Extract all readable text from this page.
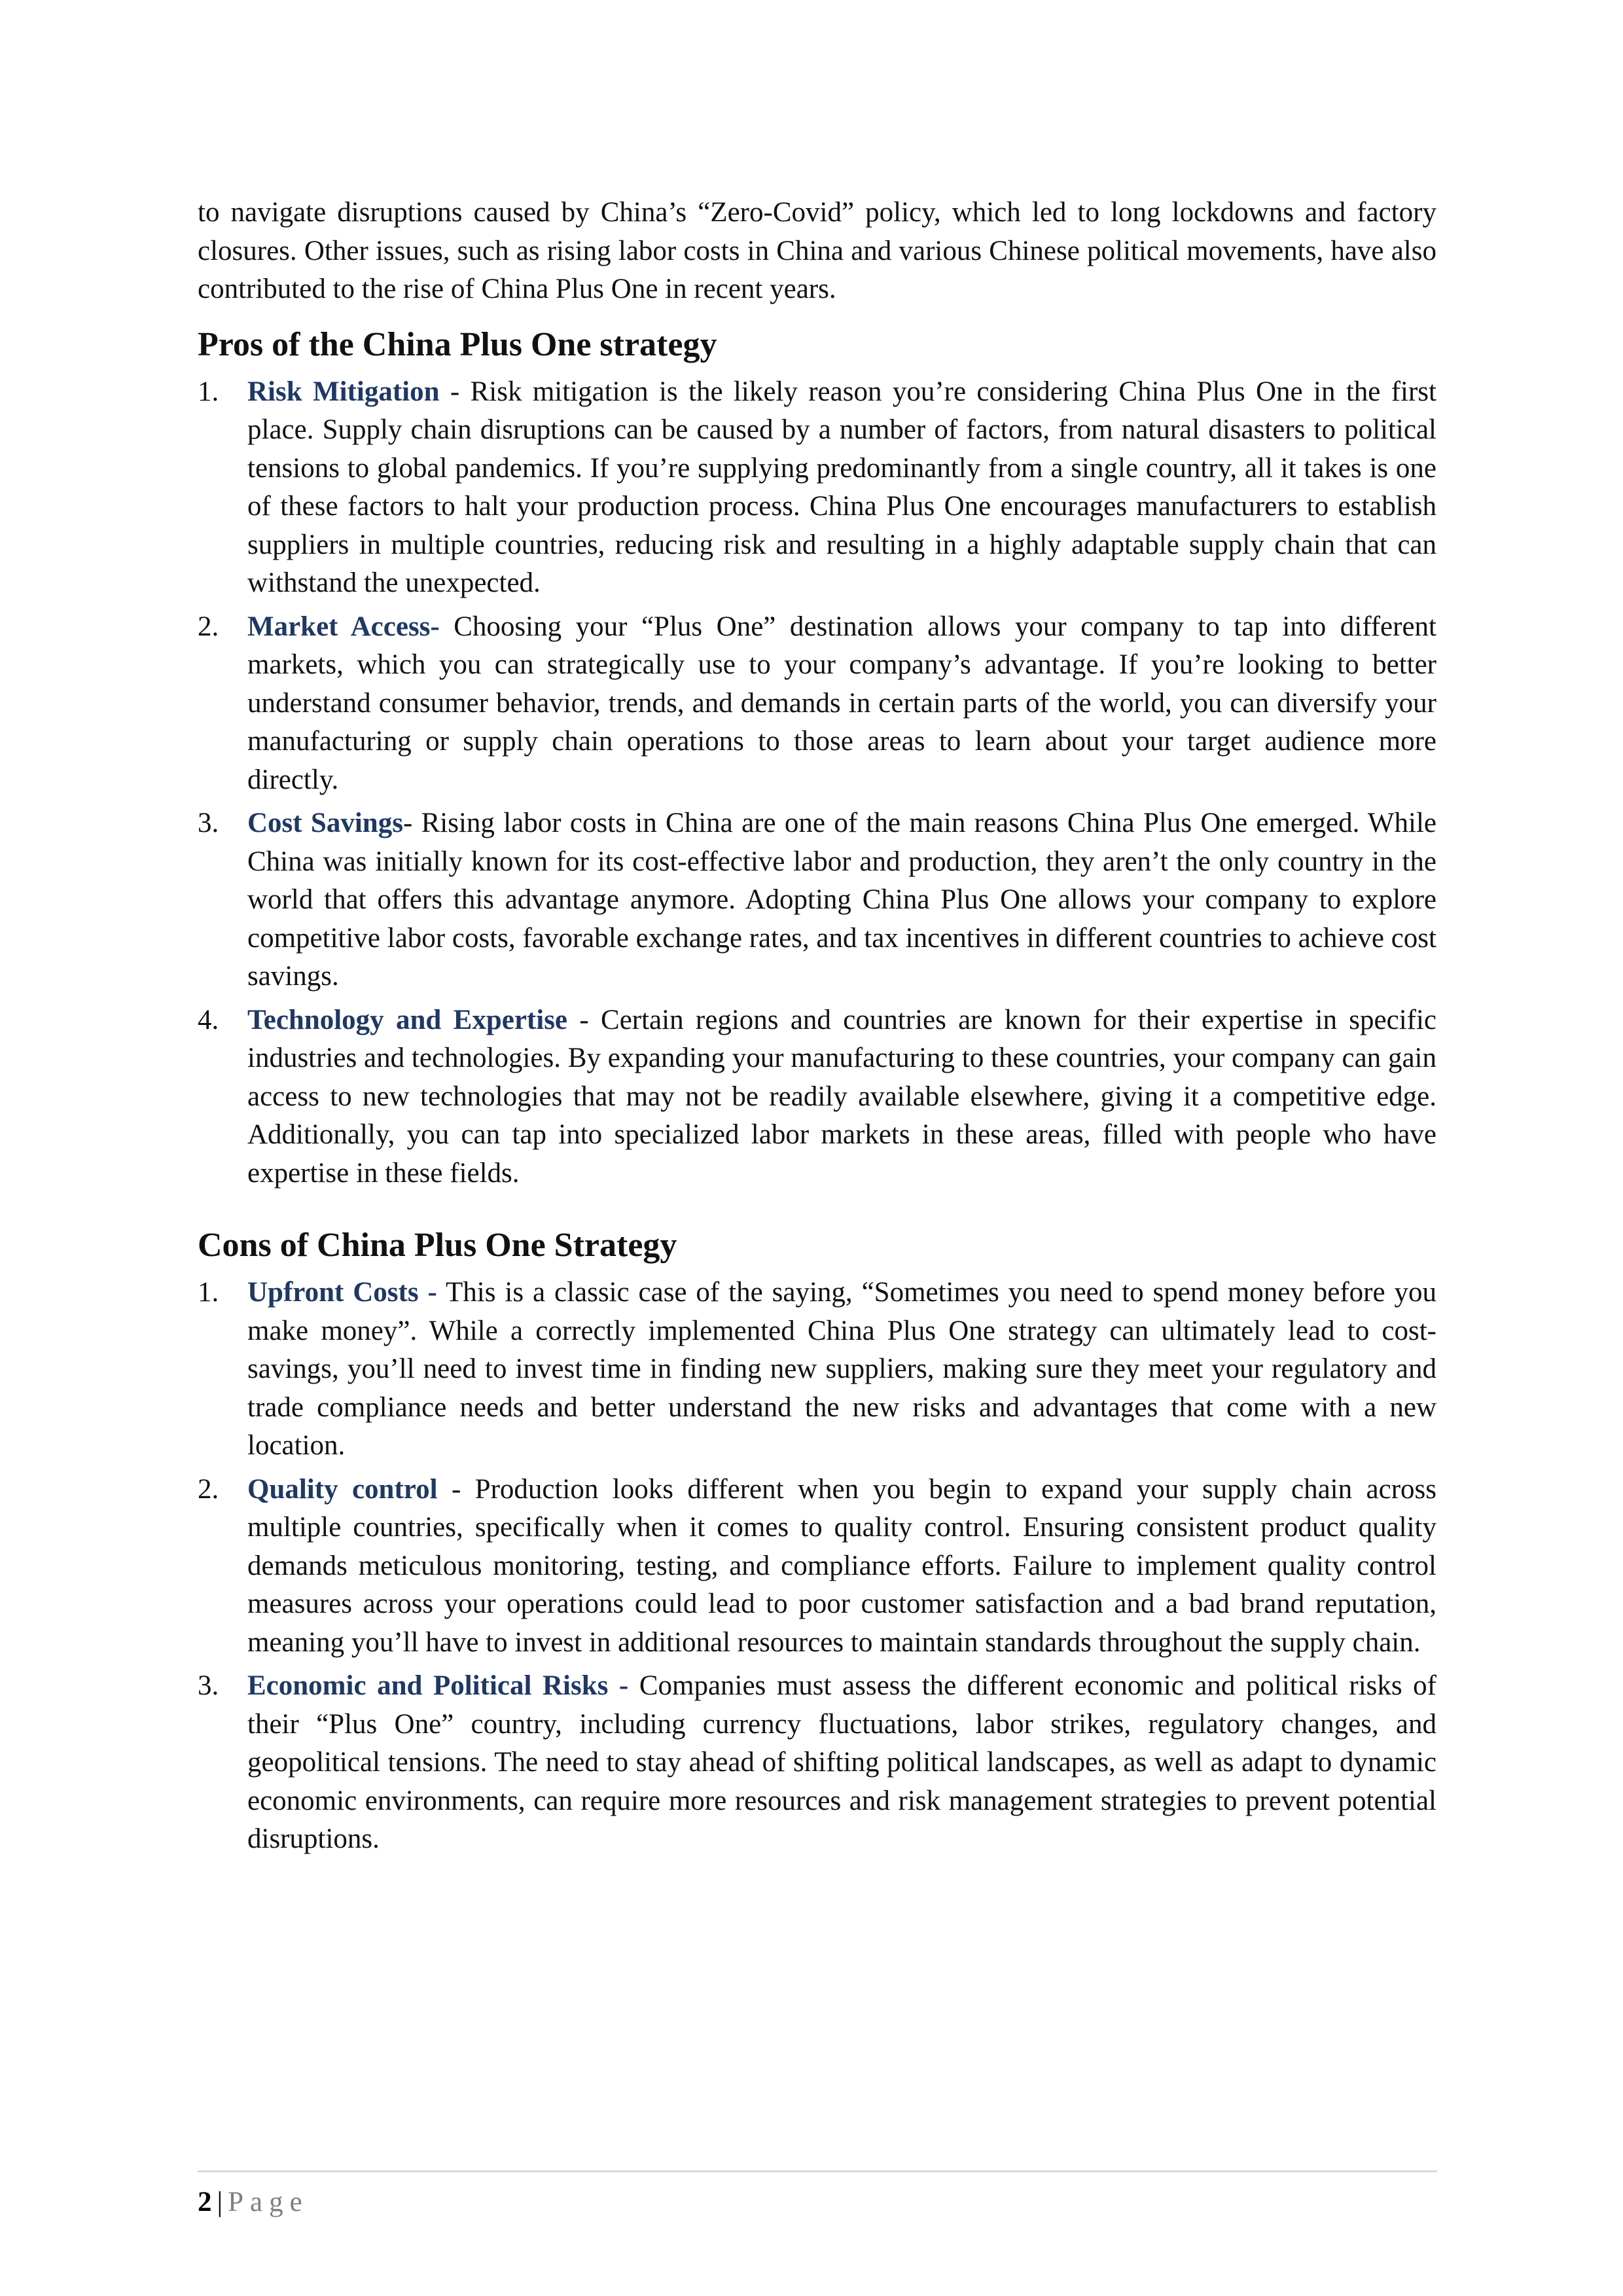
to navigate disruptions caused by China’s “Zero-Covid” policy, which led to long lockdowns and factory closures. Other issues, such as rising labor costs in China and various Chinese political movements, have also contributed to the rise of China Plus One in recent years.

Pros of the China Plus One strategy
1. Risk Mitigation - Risk mitigation is the likely reason you’re considering China Plus One in the first place. Supply chain disruptions can be caused by a number of factors, from natural disasters to political tensions to global pandemics. If you’re supplying predominantly from a single country, all it takes is one of these factors to halt your production process. China Plus One encourages manufacturers to establish suppliers in multiple countries, reducing risk and resulting in a highly adaptable supply chain that can withstand the unexpected.
2. Market Access- Choosing your “Plus One” destination allows your company to tap into different markets, which you can strategically use to your company’s advantage. If you’re looking to better understand consumer behavior, trends, and demands in certain parts of the world, you can diversify your manufacturing or supply chain operations to those areas to learn about your target audience more directly.
3. Cost Savings- Rising labor costs in China are one of the main reasons China Plus One emerged. While China was initially known for its cost-effective labor and production, they aren’t the only country in the world that offers this advantage anymore. Adopting China Plus One allows your company to explore competitive labor costs, favorable exchange rates, and tax incentives in different countries to achieve cost savings.
4. Technology and Expertise - Certain regions and countries are known for their expertise in specific industries and technologies. By expanding your manufacturing to these countries, your company can gain access to new technologies that may not be readily available elsewhere, giving it a competitive edge. Additionally, you can tap into specialized labor markets in these areas, filled with people who have expertise in these fields.
Cons of China Plus One Strategy
1. Upfront Costs - This is a classic case of the saying, “Sometimes you need to spend money before you make money”. While a correctly implemented China Plus One strategy can ultimately lead to cost-savings, you’ll need to invest time in finding new suppliers, making sure they meet your regulatory and trade compliance needs and better understand the new risks and advantages that come with a new location.
2. Quality control - Production looks different when you begin to expand your supply chain across multiple countries, specifically when it comes to quality control. Ensuring consistent product quality demands meticulous monitoring, testing, and compliance efforts. Failure to implement quality control measures across your operations could lead to poor customer satisfaction and a bad brand reputation, meaning you’ll have to invest in additional resources to maintain standards throughout the supply chain.
3. Economic and Political Risks - Companies must assess the different economic and political risks of their “Plus One” country, including currency fluctuations, labor strikes, regulatory changes, and geopolitical tensions. The need to stay ahead of shifting political landscapes, as well as adapt to dynamic economic environments, can require more resources and risk management strategies to prevent potential disruptions.
2 | Page
